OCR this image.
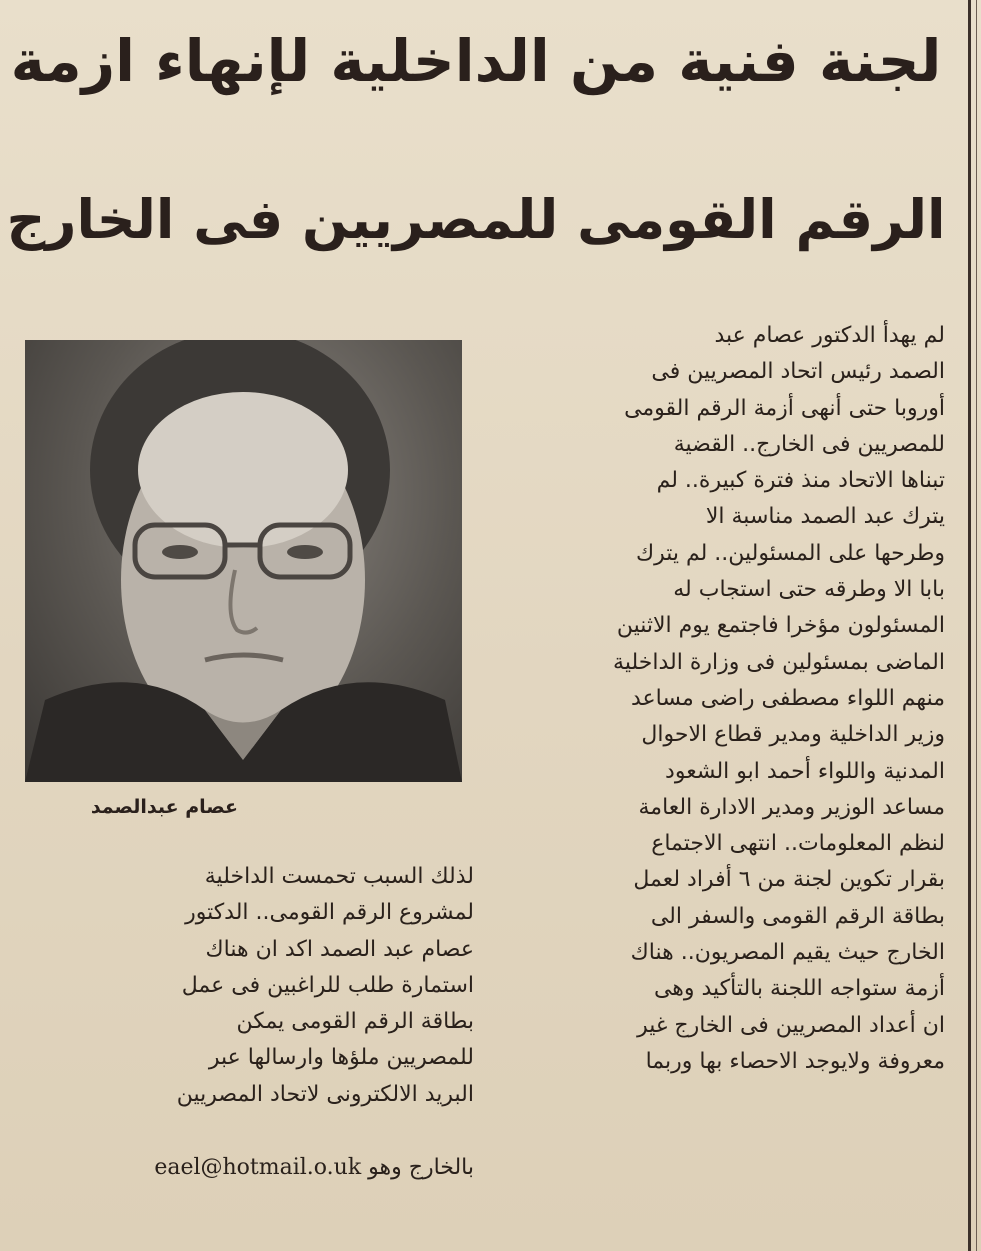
لجنة فنية من الداخلية لإنهاء ازمة
الرقم القومى للمصريين فى الخارج
عصام عبدالصمد
لم يهدأ الدكتور عصام عبد
الصمد رئيس اتحاد المصريين فى
أوروبا حتى أنهى أزمة الرقم القومى
للمصريين فى الخارج.. القضية
تبناها الاتحاد منذ فترة كبيرة.. لم
يترك عبد الصمد مناسبة الا
وطرحها على المسئولين.. لم يترك
بابا الا وطرقه حتى استجاب له
المسئولون مؤخرا فاجتمع يوم الاثنين
الماضى بمسئولين فى وزارة الداخلية
منهم اللواء مصطفى راضى مساعد
وزير الداخلية ومدير قطاع الاحوال
المدنية واللواء أحمد ابو الشعود
مساعد الوزير ومدير الادارة العامة
لنظم المعلومات.. انتهى الاجتماع
بقرار تكوين لجنة من ٦ أفراد لعمل
بطاقة الرقم القومى والسفر الى
الخارج حيث يقيم المصريون.. هناك
أزمة ستواجه اللجنة بالتأكيد وهى
ان أعداد المصريين فى الخارج غير
معروفة ولايوجد الاحصاء بها وربما
لذلك السبب تحمست الداخلية
لمشروع الرقم القومى.. الدكتور
عصام عبد الصمد اكد ان هناك
استمارة طلب للراغبين فى عمل
بطاقة الرقم القومى يمكن
للمصريين ملؤها وارسالها عبر
البريد الالكترونى لاتحاد المصريين
بالخارج وهو eael@hotmail.o.uk
